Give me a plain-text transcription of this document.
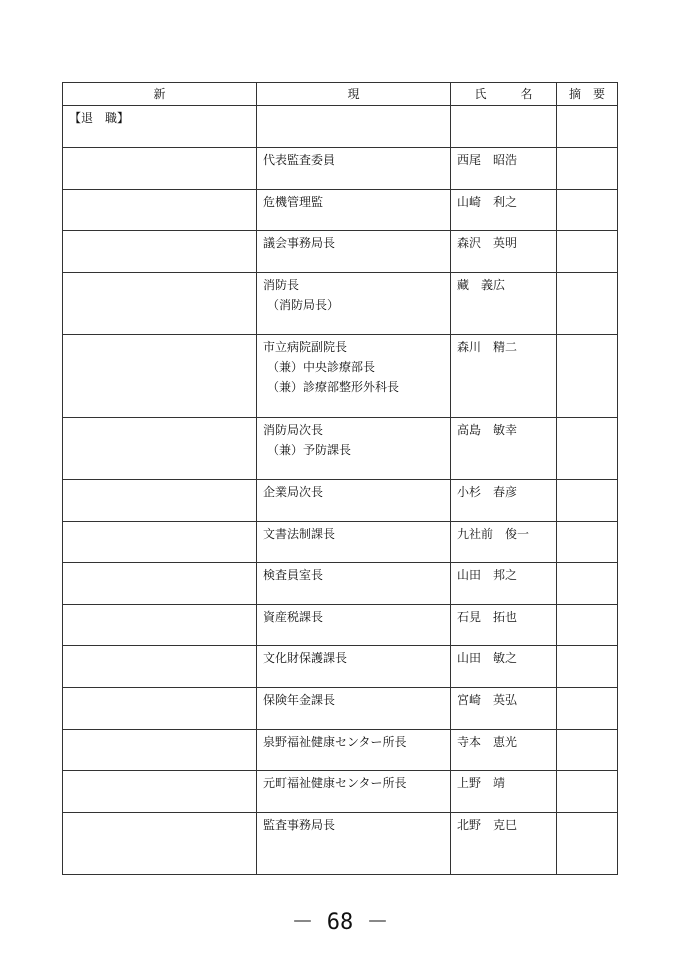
新	現	氏 名	摘 要
【退　職】			

	代表監査委員	西尾　昭浩	

	危機管理監	山崎　利之	

	議会事務局長	森沢　英明	

	消防長
（消防局長）	藏　義広	

	市立病院副院長
（兼）中央診療部長
（兼）診療部整形外科長	森川　精二	

	消防局次長
（兼）予防課長	高島　敏幸	

	企業局次長	小杉　春彦	

	文書法制課長	九社前　俊一	

	検査員室長	山田　邦之	

	資産税課長	石見　拓也	

	文化財保護課長	山田　敏之	

	保険年金課長	宮崎　英弘	

	泉野福祉健康センター所長	寺本　恵光	

	元町福祉健康センター所長	上野　靖	

	監査事務局長	北野　克巳	

－ 68 －
